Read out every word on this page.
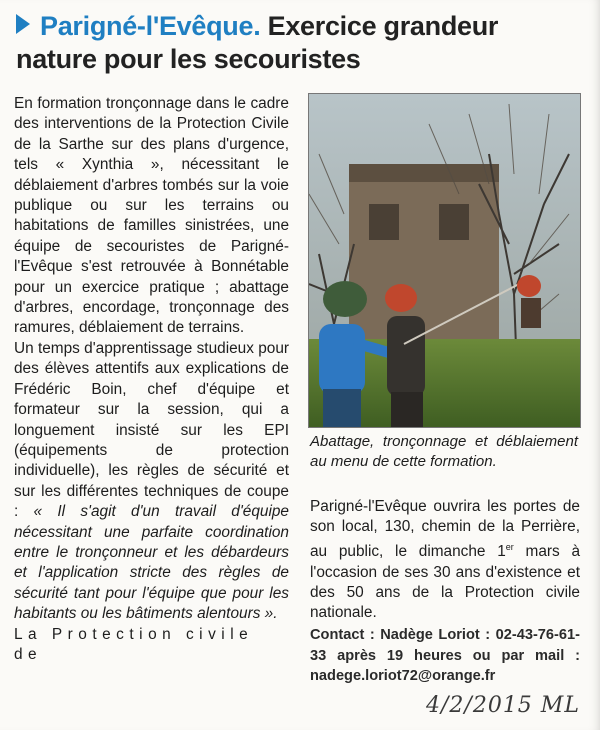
Parigné-l'Evêque. Exercice grandeur
nature pour les secouristes

En formation tronçonnage dans le cadre des interventions de la Protection Civile de la Sarthe sur des plans d'urgence, tels « Xynthia », nécessitant le déblaiement d'arbres tombés sur la voie publique ou sur les terrains ou habitations de familles sinistrées, une équipe de secouristes de Parigné-l'Evêque s'est retrouvée à Bonnétable pour un exercice pratique ; abattage d'arbres, encordage, tronçonnage des ramures, déblaiement de terrains.

Un temps d'apprentissage studieux pour des élèves attentifs aux explications de Frédéric Boin, chef d'équipe et formateur sur la session, qui a longuement insisté sur les EPI (équipements de protection individuelle), les règles de sécurité et sur les différentes techniques de coupe : « Il s'agit d'un travail d'équipe nécessitant une parfaite coordination entre le tronçonneur et les débardeurs et l'application stricte des règles de sécurité tant pour l'équipe que pour les habitants ou les bâtiments alentours ».

La Protection civile de

Abattage, tronçonnage et déblaiement au menu de cette formation.

Parigné-l'Evêque ouvrira les portes de son local, 130, chemin de la Perrière, au public, le dimanche 1er mars à l'occasion de ses 30 ans d'existence et des 50 ans de la Protection civile nationale.

Contact : Nadège Loriot : 02-43-76-61-33 après 19 heures ou par mail : nadege.loriot72@orange.fr
4/2/2015 ML
